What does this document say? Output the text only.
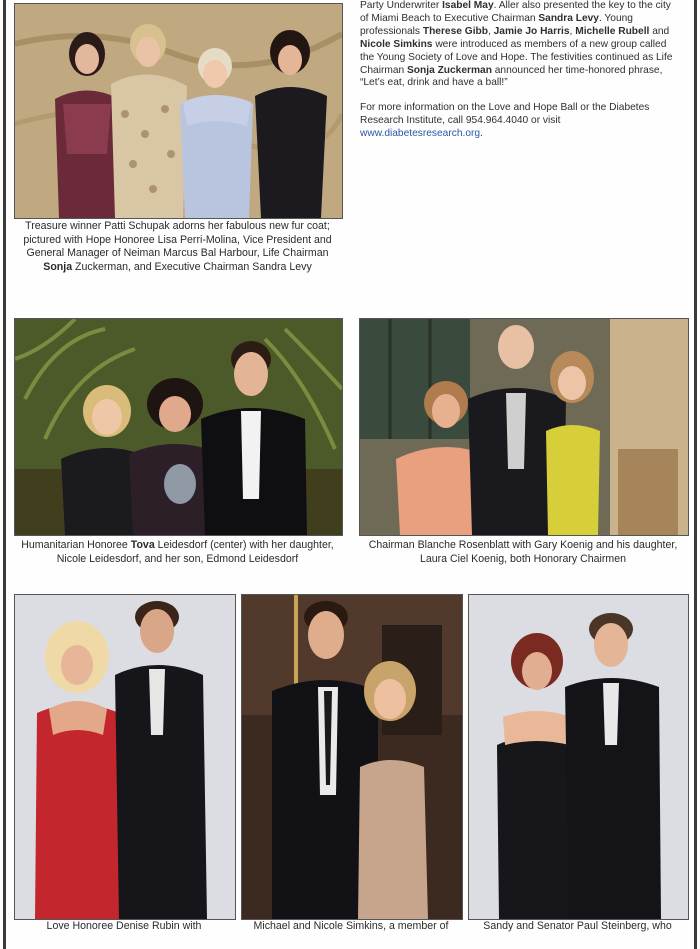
Treasure winner Patti Schupak adorns her fabulous new fur coat; pictured with Hope Honoree Lisa Perri-Molina, Vice President and General Manager of Neiman Marcus Bal Harbour, Life Chairman Sonja Zuckerman, and Executive Chairman Sandra Levy

Party Underwriter Isabel May. Aller also presented the key to the city of Miami Beach to Executive Chairman Sandra Levy. Young professionals Therese Gibb, Jamie Jo Harris, Michelle Rubell and Nicole Simkins were introduced as members of a new group called the Young Society of Love and Hope. The festivities continued as Life Chairman Sonja Zuckerman announced her time-honored phrase, “Let’s eat, drink and have a ball!”

For more information on the Love and Hope Ball or the Diabetes Research Institute, call 954.964.4040 or visit www.diabetesresearch.org.

Humanitarian Honoree Tova Leidesdorf (center) with her daughter, Nicole Leidesdorf, and her son, Edmond Leidesdorf
Chairman Blanche Rosenblatt with Gary Koenig and his daughter, Laura Ciel Koenig, both Honorary Chairmen
Love Honoree Denise Rubin with	Michael and Nicole Simkins, a member of	Sandy and Senator Paul Steinberg, who
